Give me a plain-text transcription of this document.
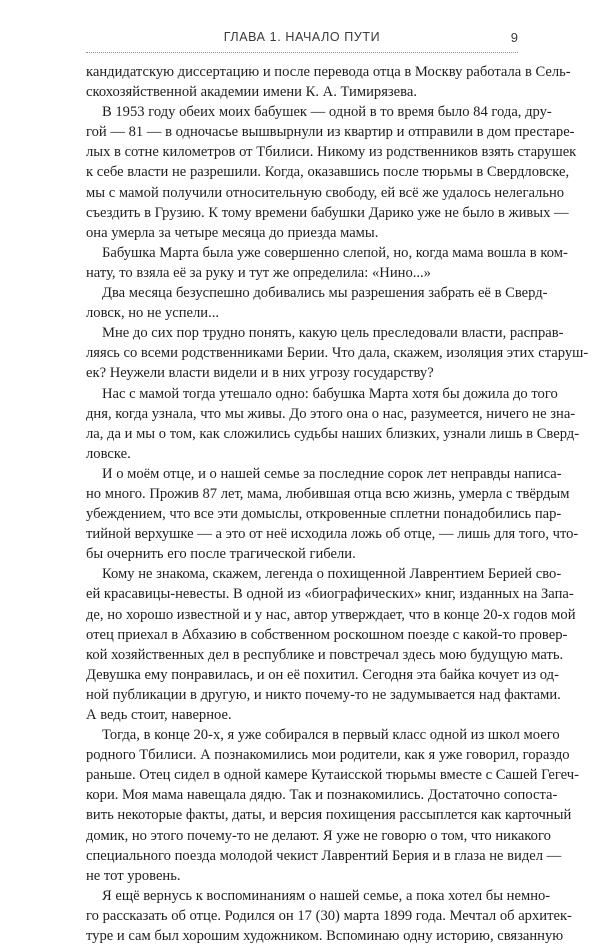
ГЛАВА 1. НАЧАЛО ПУТИ	9

кандидатскую диссертацию и после перевода отца в Москву работала в Сель-
скохозяйственной академии имени К. А. Тимирязева.

В 1953 году обеих моих бабушек — одной в то время было 84 года, дру-
гой — 81 — в одночасье вышвырнули из квартир и отправили в дом престаре-
лых в сотне километров от Тбилиси. Никому из родственников взять старушек
к себе власти не разрешили. Когда, оказавшись после тюрьмы в Свердловске,
мы с мамой получили относительную свободу, ей всё же удалось нелегально
съездить в Грузию. К тому времени бабушки Дарико уже не было в живых —
она умерла за четыре месяца до приезда мамы.

Бабушка Марта была уже совершенно слепой, но, когда мама вошла в ком-
нату, то взяла её за руку и тут же определила: «Нино...»

Два месяца безуспешно добивались мы разрешения забрать её в Сверд-
ловск, но не успели...

Мне до сих пор трудно понять, какую цель преследовали власти, расправ-
ляясь со всеми родственниками Берии. Что дала, скажем, изоляция этих старуш-
ек? Неужели власти видели и в них угрозу государству?

Нас с мамой тогда утешало одно: бабушка Марта хотя бы дожила до того
дня, когда узнала, что мы живы. До этого она о нас, разумеется, ничего не зна-
ла, да и мы о том, как сложились судьбы наших близких, узнали лишь в Сверд-
ловске.

И о моём отце, и о нашей семье за последние сорок лет неправды написа-
но много. Прожив 87 лет, мама, любившая отца всю жизнь, умерла с твёрдым
убеждением, что все эти домыслы, откровенные сплетни понадобились пар-
тийной верхушке — а это от неё исходила ложь об отце, — лишь для того, что-
бы очернить его после трагической гибели.

Кому не знакома, скажем, легенда о похищенной Лаврентием Берией сво-
ей красавицы-невесты. В одной из «биографических» книг, изданных на Запа-
де, но хорошо известной и у нас, автор утверждает, что в конце 20-х годов мой
отец приехал в Абхазию в собственном роскошном поезде с какой-то провер-
кой хозяйственных дел в республике и повстречал здесь мою будущую мать.
Девушка ему понравилась, и он её похитил. Сегодня эта байка кочует из од-
ной публикации в другую, и никто почему-то не задумывается над фактами.
А ведь стоит, наверное.

Тогда, в конце 20-х, я уже собирался в первый класс одной из школ моего
родного Тбилиси. А познакомились мои родители, как я уже говорил, гораздо
раньше. Отец сидел в одной камере Кутаисской тюрьмы вместе с Сашей Гегеч-
кори. Моя мама навещала дядю. Так и познакомились. Достаточно сопоста-
вить некоторые факты, даты, и версия похищения рассыплется как карточный
домик, но этого почему-то не делают. Я уже не говорю о том, что никакого
специального поезда молодой чекист Лаврентий Берия и в глаза не видел —
не тот уровень.

Я ещё вернусь к воспоминаниям о нашей семье, а пока хотел бы немно-
го рассказать об отце. Родился он 17 (30) марта 1899 года. Мечтал об архитек-
туре и сам был хорошим художником. Вспоминаю одну историю, связанную
